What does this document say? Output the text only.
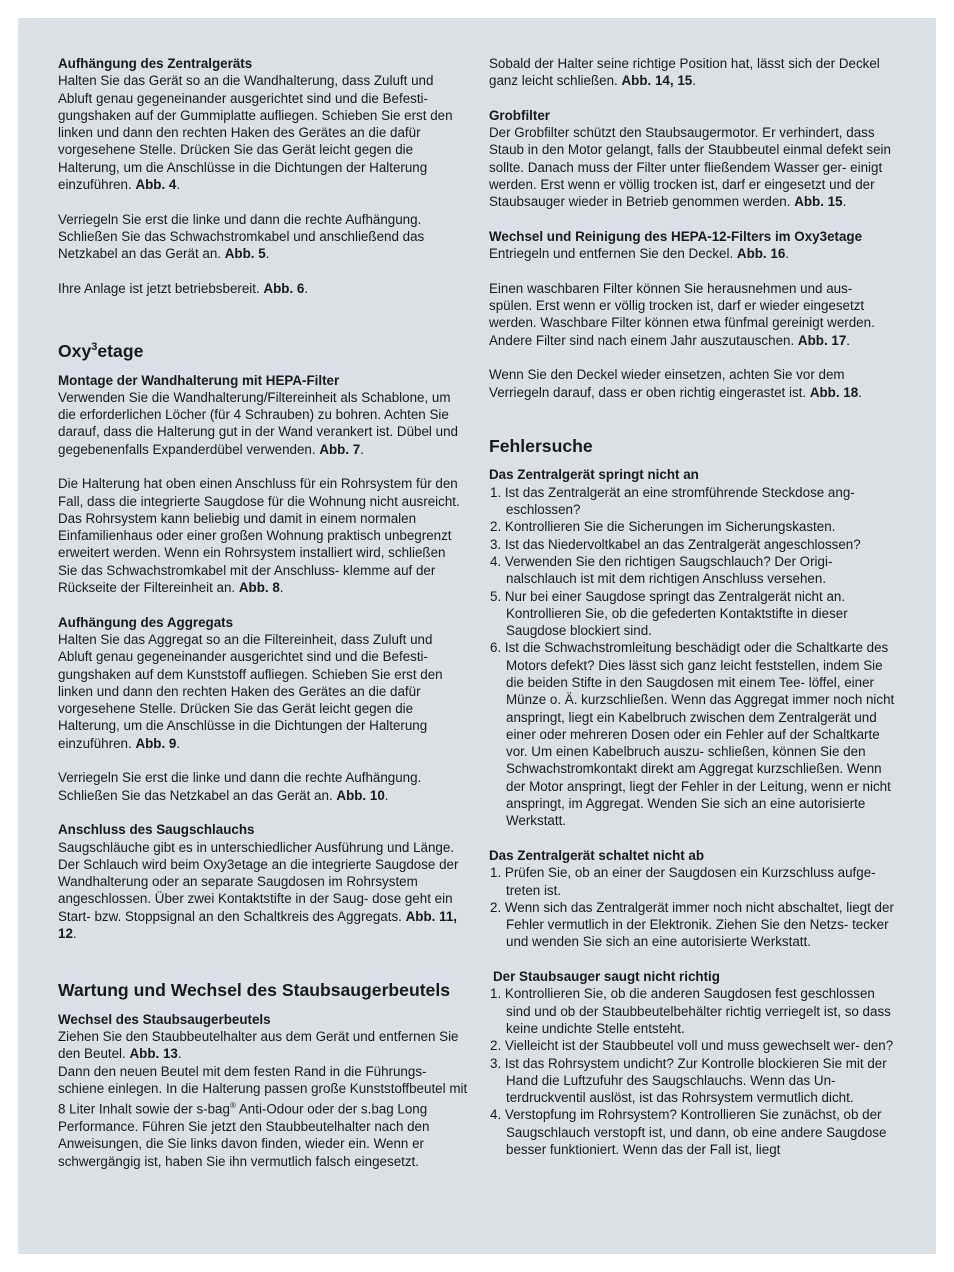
Aufhängung des Zentralgeräts

Halten Sie das Gerät so an die Wandhalterung, dass Zuluft und Abluft genau gegeneinander ausgerichtet sind und die Befesti- gungshaken auf der Gummiplatte aufliegen. Schieben Sie erst den linken und dann den rechten Haken des Gerätes an die dafür vorgesehene Stelle. Drücken Sie das Gerät leicht gegen die Halterung, um die Anschlüsse in die Dichtungen der Halterung einzuführen. Abb. 4.

Verriegeln Sie erst die linke und dann die rechte Aufhängung. Schließen Sie das Schwachstromkabel und anschließend das Netzkabel an das Gerät an. Abb. 5.

Ihre Anlage ist jetzt betriebsbereit. Abb. 6.

Oxy$^3$etage
Montage der Wandhalterung mit HEPA-Filter

Verwenden Sie die Wandhalterung/Filtereinheit als Schablone, um die erforderlichen Löcher (für 4 Schrauben) zu bohren. Achten Sie darauf, dass die Halterung gut in der Wand verankert ist. Dübel und gegebenenfalls Expanderdübel verwenden. Abb. 7.

Die Halterung hat oben einen Anschluss für ein Rohrsystem für den Fall, dass die integrierte Saugdose für die Wohnung nicht ausreicht. Das Rohrsystem kann beliebig und damit in einem normalen Einfamilienhaus oder einer großen Wohnung praktisch unbegrenzt erweitert werden. Wenn ein Rohrsystem installiert wird, schließen Sie das Schwachstromkabel mit der Anschluss- klemme auf der Rückseite der Filtereinheit an. Abb. 8.

Aufhängung des Aggregats

Halten Sie das Aggregat so an die Filtereinheit, dass Zuluft und Abluft genau gegeneinander ausgerichtet sind und die Befesti- gungshaken auf dem Kunststoff aufliegen. Schieben Sie erst den linken und dann den rechten Haken des Gerätes an die dafür vorgesehene Stelle. Drücken Sie das Gerät leicht gegen die Halterung, um die Anschlüsse in die Dichtungen der Halterung einzuführen. Abb. 9.

Verriegeln Sie erst die linke und dann die rechte Aufhängung. Schließen Sie das Netzkabel an das Gerät an. Abb. 10.

Anschluss des Saugschlauchs

Saugschläuche gibt es in unterschiedlicher Ausführung und Länge. Der Schlauch wird beim Oxy3etage an die integrierte Saugdose der Wandhalterung oder an separate Saugdosen im Rohrsystem angeschlossen. Über zwei Kontaktstifte in der Saug- dose geht ein Start- bzw. Stoppsignal an den Schaltkreis des Aggregats. Abb. 11, 12.

Wartung und Wechsel des Staubsaugerbeutels
Wechsel des Staubsaugerbeutels

Ziehen Sie den Staubbeutelhalter aus dem Gerät und entfernen Sie den Beutel. Abb. 13.

Dann den neuen Beutel mit dem festen Rand in die Führungs- schiene einlegen. In die Halterung passen große Kunststoffbeutel mit 8 Liter Inhalt sowie der s-bag® Anti-Odour oder der s.bag Long Performance. Führen Sie jetzt den Staubbeutelhalter nach den Anweisungen, die Sie links davon finden, wieder ein. Wenn er schwergängig ist, haben Sie ihn vermutlich falsch eingesetzt.

Sobald der Halter seine richtige Position hat, lässt sich der Deckel ganz leicht schließen. Abb. 14, 15.

Grobfilter

Der Grobfilter schützt den Staubsaugermotor. Er verhindert, dass Staub in den Motor gelangt, falls der Staubbeutel einmal defekt sein sollte. Danach muss der Filter unter fließendem Wasser ger- einigt werden. Erst wenn er völlig trocken ist, darf er eingesetzt und der Staubsauger wieder in Betrieb genommen werden. Abb. 15.

Wechsel und Reinigung des HEPA-12-Filters im Oxy3etage

Entriegeln und entfernen Sie den Deckel. Abb. 16.

Einen waschbaren Filter können Sie herausnehmen und aus- spülen. Erst wenn er völlig trocken ist, darf er wieder eingesetzt werden. Waschbare Filter können etwa fünfmal gereinigt werden. Andere Filter sind nach einem Jahr auszutauschen. Abb. 17.

Wenn Sie den Deckel wieder einsetzen, achten Sie vor dem Verriegeln darauf, dass er oben richtig eingerastet ist. Abb. 18.

Fehlersuche
Das Zentralgerät springt nicht an
1. Ist das Zentralgerät an eine stromführende Steckdose ang- eschlossen?
2. Kontrollieren Sie die Sicherungen im Sicherungskasten.
3. Ist das Niedervoltkabel an das Zentralgerät angeschlossen?
4. Verwenden Sie den richtigen Saugschlauch? Der Origi- nalschlauch ist mit dem richtigen Anschluss versehen.
5. Nur bei einer Saugdose springt das Zentralgerät nicht an. Kontrollieren Sie, ob die gefederten Kontaktstifte in dieser Saugdose blockiert sind.
6. Ist die Schwachstromleitung beschädigt oder die Schaltkarte des Motors defekt? Dies lässt sich ganz leicht feststellen, indem Sie die beiden Stifte in den Saugdosen mit einem Tee- löffel, einer Münze o. Ä. kurzschließen. Wenn das Aggregat immer noch nicht anspringt, liegt ein Kabelbruch zwischen dem Zentralgerät und einer oder mehreren Dosen oder ein Fehler auf der Schaltkarte vor. Um einen Kabelbruch auszu- schließen, können Sie den Schwachstromkontakt direkt am Aggregat kurzschließen. Wenn der Motor anspringt, liegt der Fehler in der Leitung, wenn er nicht anspringt, im Aggregat. Wenden Sie sich an eine autorisierte Werkstatt.
Das Zentralgerät schaltet nicht ab
1. Prüfen Sie, ob an einer der Saugdosen ein Kurzschluss aufge- treten ist.
2. Wenn sich das Zentralgerät immer noch nicht abschaltet, liegt der Fehler vermutlich in der Elektronik. Ziehen Sie den Netzs- tecker und wenden Sie sich an eine autorisierte Werkstatt.
Der Staubsauger saugt nicht richtig
1. Kontrollieren Sie, ob die anderen Saugdosen fest geschlossen sind und ob der Staubbeutelbehälter richtig verriegelt ist, so dass keine undichte Stelle entsteht.
2. Vielleicht ist der Staubbeutel voll und muss gewechselt wer- den?
3. Ist das Rohrsystem undicht? Zur Kontrolle blockieren Sie mit der Hand die Luftzufuhr des Saugschlauchs. Wenn das Un- terdruckventil auslöst, ist das Rohrsystem vermutlich dicht.
4. Verstopfung im Rohrsystem? Kontrollieren Sie zunächst, ob der Saugschlauch verstopft ist, und dann, ob eine andere Saugdose besser funktioniert. Wenn das der Fall ist, liegt
